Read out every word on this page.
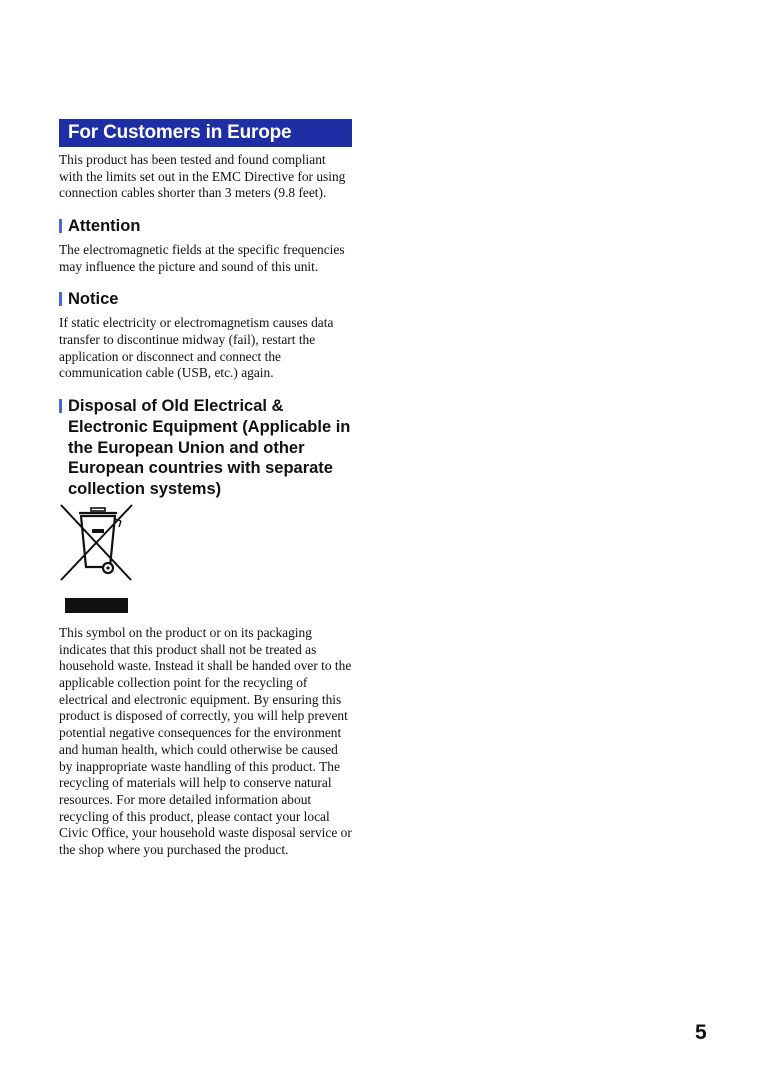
For Customers in Europe

This product has been tested and found compliant with the limits set out in the EMC Directive for using connection cables shorter than 3 meters (9.8 feet).

Attention

The electromagnetic fields at the specific frequencies may influence the picture and sound of this unit.

Notice

If static electricity or electromagnetism causes data transfer to discontinue midway (fail), restart the application or disconnect and connect the communication cable (USB, etc.) again.

Disposal of Old Electrical & Electronic Equipment (Applicable in the European Union and other European countries with separate collection systems)

This symbol on the product or on its packaging indicates that this product shall not be treated as household waste. Instead it shall be handed over to the applicable collection point for the recycling of electrical and electronic equipment. By ensuring this product is disposed of correctly, you will help prevent potential negative consequences for the environment and human health, which could otherwise be caused by inappropriate waste handling of this product. The recycling of materials will help to conserve natural resources. For more detailed information about recycling of this product, please contact your local Civic Office, your household waste disposal service or the shop where you purchased the product.

5
